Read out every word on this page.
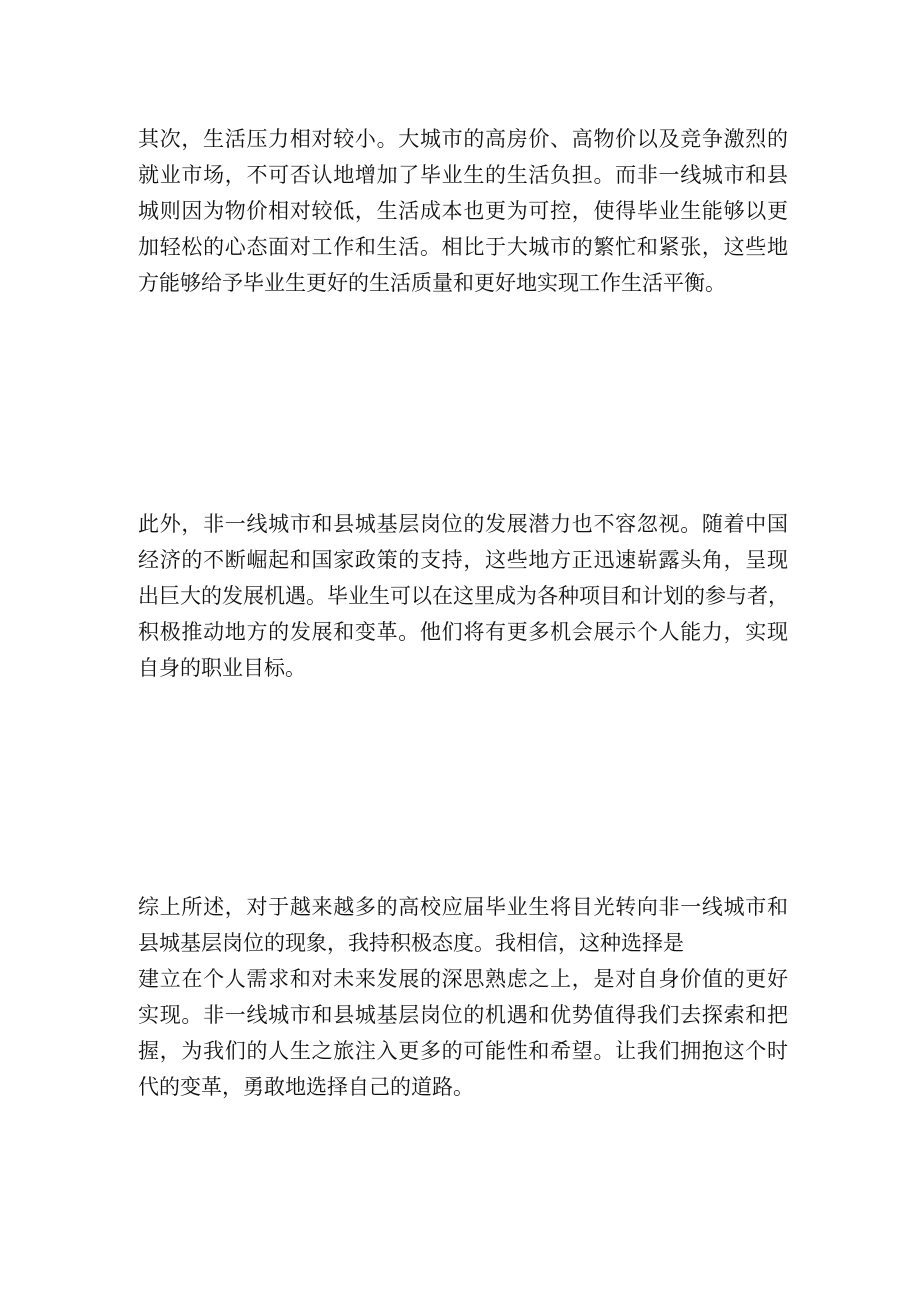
其次，生活压力相对较小。大城市的高房价、高物价以及竞争激烈的
就业市场，不可否认地增加了毕业生的生活负担。而非一线城市和县
城则因为物价相对较低，生活成本也更为可控，使得毕业生能够以更
加轻松的心态面对工作和生活。相比于大城市的繁忙和紧张，这些地
方能够给予毕业生更好的生活质量和更好地实现工作生活平衡。
此外，非一线城市和县城基层岗位的发展潜力也不容忽视。随着中国
经济的不断崛起和国家政策的支持，这些地方正迅速崭露头角，呈现
出巨大的发展机遇。毕业生可以在这里成为各种项目和计划的参与者，
积极推动地方的发展和变革。他们将有更多机会展示个人能力，实现
自身的职业目标。
综上所述，对于越来越多的高校应届毕业生将目光转向非一线城市和
县城基层岗位的现象，我持积极态度。我相信，这种选择是
建立在个人需求和对未来发展的深思熟虑之上，是对自身价值的更好
实现。非一线城市和县城基层岗位的机遇和优势值得我们去探索和把
握，为我们的人生之旅注入更多的可能性和希望。让我们拥抱这个时
代的变革，勇敢地选择自己的道路。
